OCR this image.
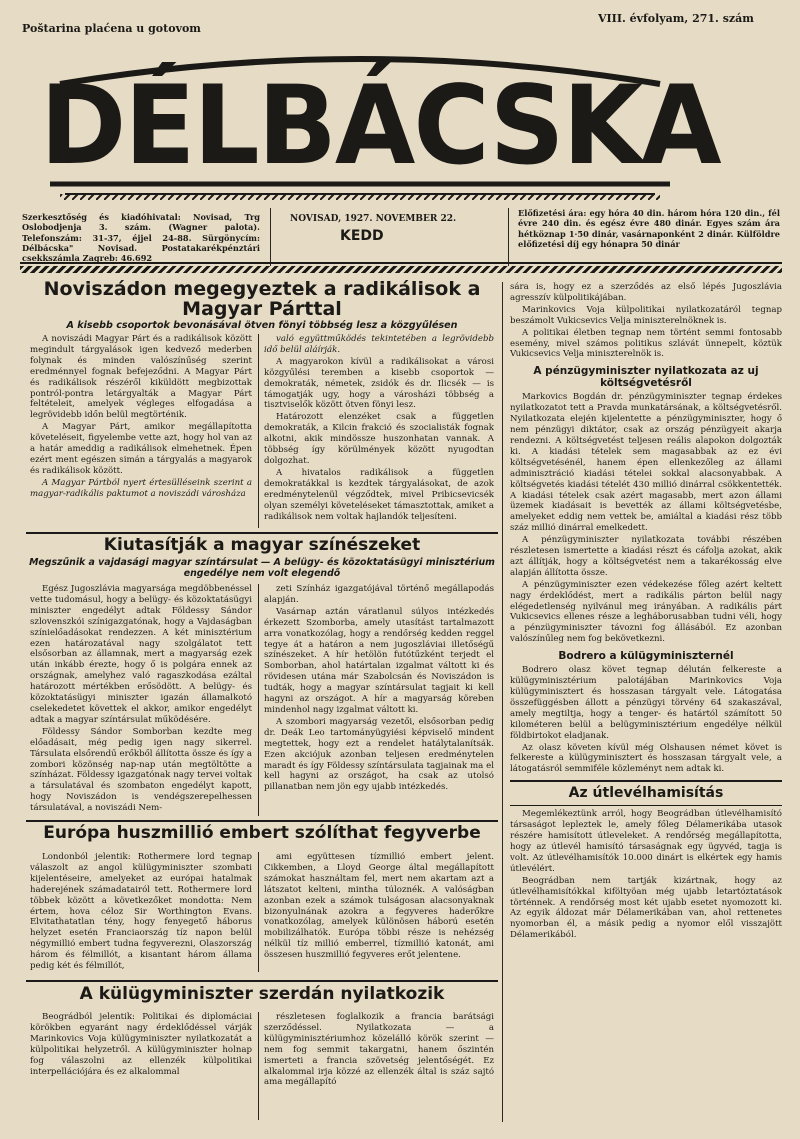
Poštarina plaćena u gotovom
VIII. évfolyam, 271. szám
DÉLBÁCSKA
Szerkesztőség és kiadóhivatal: Novisad, Trg Oslobodjenja 3. szám. (Wagner palota). Telefonszám: 31-37, éjjel 24-88. Sürgönycím: Délbácska" Novisad. Postatakarékpénztári csekkszámla Zagreb: 46.692
NOVISAD, 1927. NOVEMBER 22.
KEDD
Előfizetési ára: egy hóra 40 din. három hóra 120 din., fél évre 240 din. és egész évre 480 dinár. Egyes szám ára hétköznap 1·50 dinár, vasárnaponként 2 dinár. Külföldre előfizetési díj egy hónapra 50 dinár
Noviszádon megegyeztek a radikálisok a Magyar Párttal
A kisebb csoportok bevonásával ötven fönyi többség lesz a közgyűlésen

A noviszádi Magyar Párt és a radikálisok között megindult tárgyalások igen kedvező mederben folynak és minden valószínűség szerint eredménnyel fognak befejeződni. A Magyar Párt és radikálisok részéről kiküldött megbizottak pontról-pontra letárgyalták a Magyar Párt feltételeit, amelyek végleges elfogadása a legrövidebb időn belül megtörténik.

A Magyar Párt, amikor megállapította követeléseit, figyelembe vette azt, hogy hol van az a határ ameddig a radikálisok elmehetnek. Épen ezért ment egészen simán a tárgyalás a magyarok és radikálisok között.

A Magyar Pártból nyert értesülléseink szerint a magyar-radikális paktumot a noviszádi városháza

való együttműködés tekintetében a legrövidebb idő belül aláírják.

A magyarokon kívül a radikálisokat a városi közgyűlési teremben a kisebb csoportok — demokraták, németek, zsidók és dr. Ilicsék — is támogatják ugy, hogy a városházi többség a tisztviselők között ötven fönyi lesz.

Határozott elenzéket csak a független demokraták, a Kilcin frakció és szocialisták fognak alkotni, akik mindössze huszonhatan vannak. A többség így körülmények között nyugodtan dolgozhat.

A hivatalos radikálisok a független demokratákkal is kezdtek tárgyalásokat, de azok eredménytelenül végződtek, mivel Pribicsevicsék olyan személyi követeléseket támasztottak, amiket a radikálisok nem voltak hajlandók teljesíteni.

Kiutasítják a magyar színészeket
Megszűnik a vajdasági magyar színtársulat — A belügy- és közoktatásügyi minisztérium engedélye nem volt elegendő

Egész Jugoszlávia magyarsága megdöbbenéssel vette tudomásul, hogy a belügy- és közoktatásügyi miniszter engedélyt adtak Földessy Sándor szlovenszkói színigazgatónak, hogy a Vajdaságban színielőadásokat rendezzen. A két minisztérium ezen határozatával nagy szolgálatot tett elsősorban az államnak, mert a magyarság ezek után inkább érezte, hogy ő is polgára ennek az országnak, amelyhez való ragaszkodása ezáltal határozott mértékben erősödött. A belügy- és közoktatásügyi miniszter igazán államalkotó cselekedetet követtek el akkor, amikor engedélyt adtak a magyar színtársulat működésére.

Földessy Sándor Somborban kezdte meg előadásait, még pedig igen nagy sikerrel. Társulata elsőrendű erőkből állította össze és így a zombori közönség nap-nap után megtöltötte a színházat. Földessy igazgatónak nagy tervei voltak a társulatával és szombaton engedélyt kapott, hogy Noviszádon is vendégszerepelhessen társulatával, a noviszádi Nem-

zeti Színház igazgatójával történő megállapodás alapján.

Vasárnap aztán váratlanul súlyos intézkedés érkezett Szomborba, amely utasítást tartalmazott arra vonatkozólag, hogy a rendőrség kedden reggel tegye át a határon a nem jugoszláviai illetőségű színészeket. A hír hetölön futótűzként terjedt el Somborban, ahol határtalan izgalmat váltott ki és rövidesen utána már Szabolcsán és Noviszádon is tudták, hogy a magyar színtársulat tagjait ki kell hagyni az országot. A hír a magyarság köreben mindenhol nagy izgalmat váltott ki.

A szombori magyarság vezetői, elsősorban pedig dr. Deák Leo tartományügyiési képviselő mindent megtettek, hogy ezt a rendelet hatálytalanítsák. Ezen akciójuk azonban teljesen eredménytelen maradt és így Földessy színtársulata tagjainak ma el kell hagyni az országot, ha csak az utolsó pillanatban nem jön egy ujabb intézkedés.

Európa huszmillió embert szólíthat fegyverbe

Londonból jelentik: Rothermere lord tegnap válaszolt az angol külügyminiszter szombati kijelentéseire, amelyeket az európai hatalmak haderejének számadatairól tett. Rothermere lord többek között a következőket mondotta: Nem értem, hova céloz Sir Worthington Evans. Elvitathatatlan tény, hogy fenyegető háborus helyzet esetén Franciaország tíz napon belül négymillió embert tudna fegyverezni, Olaszország három és félmillót, a kisantant három állama pedig két és félmillót,

ami együttesen tízmillió embert jelent. Cikkemben, a Lloyd George által megállapított számokat használtam fel, mert nem akartam azt a látszatot kelteni, mintha túloznék. A valóságban azonban ezek a számok tulságosan alacsonyaknak bizonyulnának azokra a fegyveres haderőkre vonatkozólag, amelyek különösen háború esetén mobilizálhatók. Európa többi része is nehézség nélkül tíz millió emberrel, tízmillió katonát, ami összesen huszmillió fegyveres erőt jelentene.

A külügyminiszter szerdán nyilatkozik

Beográdból jelentik: Politikai és diplomáciai körökben egyaránt nagy érdeklődéssel várják Marinkovics Voja külügyminiszter nyilatkozatát a külpolitikai helyzetről. A külügyminiszter holnap fog válaszolni az ellenzék külpolitikai interpellációjára és ez alkalommal

részletesen foglalkozik a francia barátsági szerződéssel. Nyilatkozata — a külügyminisztériumhoz közelálló körök szerint — nem fog semmit takargatni, hanem őszintén ismerteti a francia szövetség jelentőségét. Ez alkalommal irja közzé az ellenzék által is száz sajtó ama megállapító

sára is, hogy ez a szerződés az első lépés Jugoszlávia agresszív külpolitikájában.

Marinkovics Voja külpolitikai nyilatkozatáról tegnap beszámolt Vukicsevics Velja miniszterelnöknek is.

A politikai életben tegnap nem történt semmi fontosabb esemény, mivel számos politikus szlávát ünnepelt, köztük Vukicsevics Velja miniszterelnök is.

A pénzügyminiszter nyilatkozata az uj költségvetésről

Markovics Bogdán dr. pénzügyminiszter tegnap érdekes nyilatkozatot tett a Pravda munkatársának, a költségvetésről. Nyilatkozata elején kijelentette a pénzügyminiszter, hogy ő nem pénzügyi diktátor, csak az ország pénzügyeit akarja rendezni. A költségvetést teljesen reális alapokon dolgozták ki. A kiadási tételek sem magasabbak az ez évi költségvetésénél, hanem épen ellenkezőleg az állami adminisztráció kiadási tételei sokkal alacsonyabbak. A költségvetés kiadási tételét 430 millió dinárral csökkentették. A kiadási tételek csak azért magasabb, mert azon állami üzemek kiadásait is bevették az állami költségvetésbe, amelyeket eddig nem vettek be, amiáltal a kiadási rész több száz millió dinárral emelkedett.

A pénzügyminiszter nyilatkozata további részében részletesen ismertette a kiadási részt és cáfolja azokat, akik azt állítják, hogy a költségvetést nem a takarékosság elve alapján állította össze.

A pénzügyminiszter ezen védekezése főleg azért keltett nagy érdeklődést, mert a radikális párton belül nagy elégedetlenség nyilvánul meg irányában. A radikális párt Vukicsevics ellenes része a legháborusabban tudni véli, hogy a pénzügyminiszter távozni fog állásából. Ez azonban valószínűleg nem fog bekövetkezni.

Bodrero a külügyminiszternél

Bodrero olasz követ tegnap délután felkereste a külügyminisztérium palotájában Marinkovics Voja külügyminisztert és hosszasan tárgyalt vele. Látogatása összefüggésben állott a pénzügyi törvény 64 szakaszával, amely megtiltja, hogy a tenger- és határtól számított 50 kilométeren belül a belügyminisztérium engedélye nélkül földbirtokot eladjanak.

Az olasz követen kívül még Olshausen német követ is felkereste a külügyminisztert és hosszasan tárgyalt vele, a látogatásról semmiféle közleményt nem adtak ki.

Az útlevélhamisítás

Megemlékeztünk arról, hogy Beográdban útlevélhamisító társaságot lepleztek le, amely főleg Délamerikába utasok részére hamisított útleveleket. A rendőrség megállapította, hogy az útlevél hamisító társaságnak egy ügyvéd, tagja is volt. Az útlevélhamisítók 10.000 dinárt is elkértek egy hamis útlevélért.

Beográdban nem tartják kizártnak, hogy az útlevélhamisítókkal kiföltyöan még ujabb letartóztatások történnek. A rendőrség most két ujabb esetet nyomozott ki. Az egyik áldozat már Délamerikában van, ahol rettenetes nyomorban él, a másik pedig a nyomor elől visszajött Délamerikából.
